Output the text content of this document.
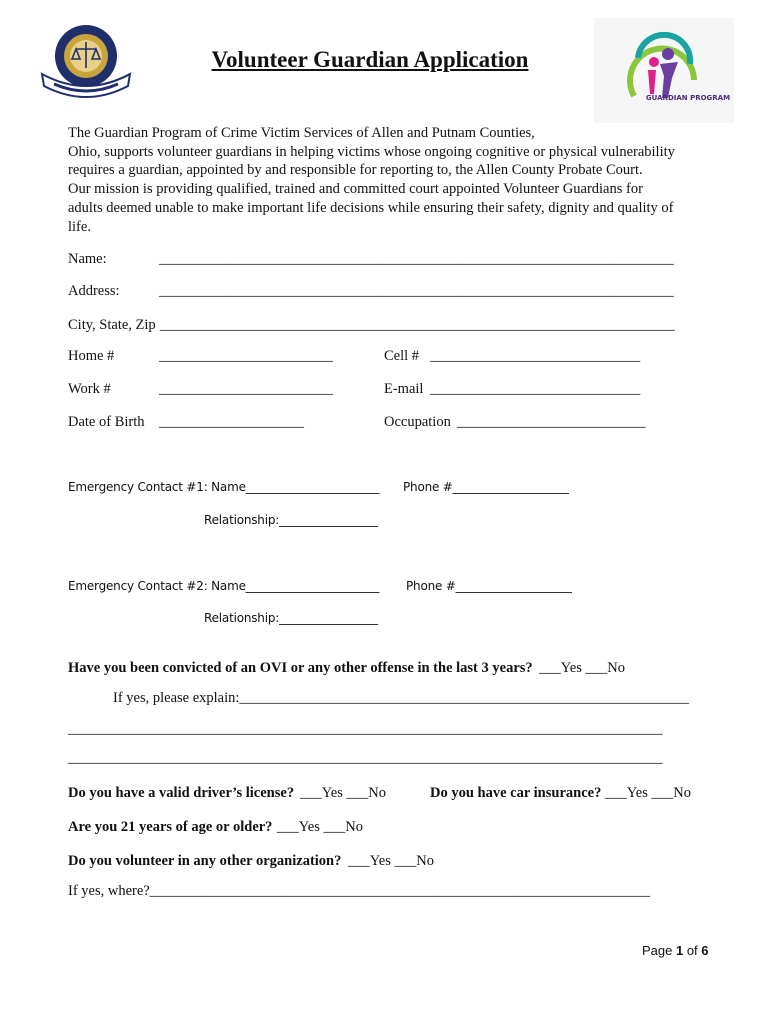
GUARDIAN PROGRAM
Volunteer Guardian Application
The Guardian Program of Crime Victim Services of Allen and Putnam Counties,
Ohio, supports volunteer guardians in helping victims whose ongoing cognitive or physical vulnerability
requires a guardian, appointed by and responsible for reporting to, the Allen County Probate Court.
Our mission is providing qualified, trained and committed court appointed Volunteer Guardians for
adults deemed unable to make important life decisions while ensuring their safety, dignity and quality of
life.
Name:	_______________________________________________________________________
Address:	_______________________________________________________________________
City, State, Zip _______________________________________________________________________
Home #	________________________	Cell # _____________________________
Work #	________________________	E-mail _____________________________
Date of Birth ____________________	Occupation __________________________
Emergency Contact #1: Name_______________________ Phone #____________________
Relationship:_________________
Emergency Contact #2: Name_______________________ Phone #____________________
Relationship:_________________
Have you been convicted of an OVI or any other offense in the last 3 years? ___Yes ___No
If yes, please explain:______________________________________________________________
__________________________________________________________________________________
__________________________________________________________________________________
Do you have a valid driver’s license? ___Yes ___No	Do you have car insurance? ___Yes ___No
Are you 21 years of age or older? ___Yes ___No
Do you volunteer in any other organization? ___Yes ___No
If yes, where?_____________________________________________________________________
Page 1 of 6
